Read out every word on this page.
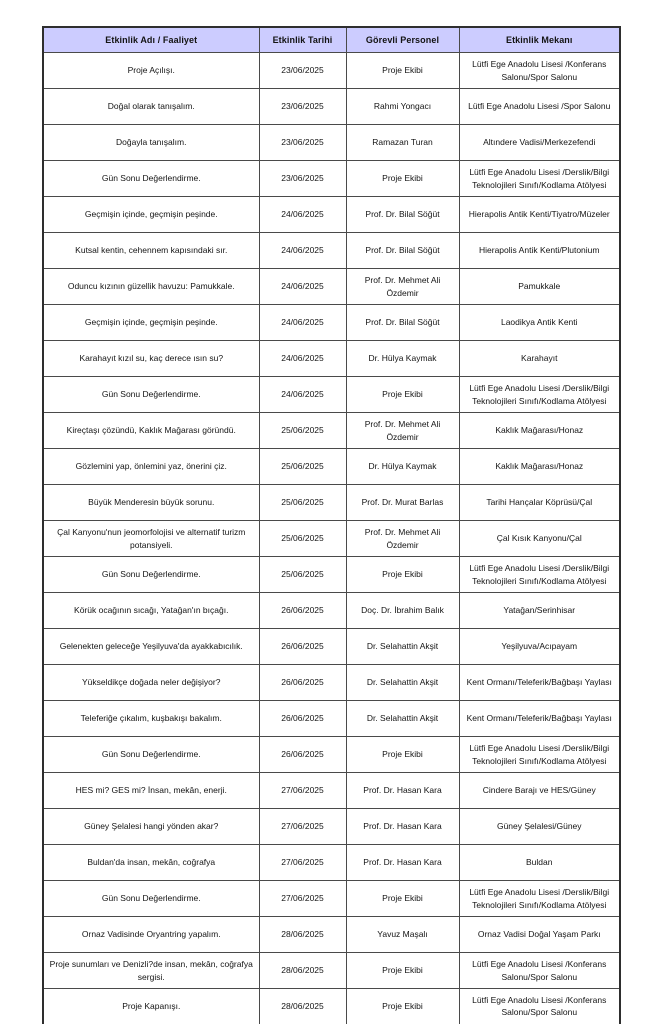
Etkinlik Adı / Faaliyet	Etkinlik Tarihi	Görevli Personel	Etkinlik Mekanı
Proje Açılışı.	23/06/2025	Proje Ekibi	Lütfi Ege Anadolu Lisesi /Konferans Salonu/Spor Salonu
Doğal olarak tanışalım.	23/06/2025	Rahmi Yongacı	Lütfi Ege Anadolu Lisesi /Spor Salonu
Doğayla tanışalım.	23/06/2025	Ramazan Turan	Altındere Vadisi/Merkezefendi
Gün Sonu Değerlendirme.	23/06/2025	Proje Ekibi	Lütfi Ege Anadolu Lisesi /Derslik/Bilgi Teknolojileri Sınıfı/Kodlama Atölyesi
Geçmişin içinde, geçmişin peşinde.	24/06/2025	Prof. Dr. Bilal Söğüt	Hierapolis Antik Kenti/Tiyatro/Müzeler
Kutsal kentin, cehennem kapısındaki sır.	24/06/2025	Prof. Dr. Bilal Söğüt	Hierapolis Antik Kenti/Plutonium
Oduncu kızının güzellik havuzu: Pamukkale.	24/06/2025	Prof. Dr. Mehmet Ali Özdemir	Pamukkale
Geçmişin içinde, geçmişin peşinde.	24/06/2025	Prof. Dr. Bilal Söğüt	Laodikya Antik Kenti
Karahayıt kızıl su, kaç derece ısın su?	24/06/2025	Dr. Hülya Kaymak	Karahayıt
Gün Sonu Değerlendirme.	24/06/2025	Proje Ekibi	Lütfi Ege Anadolu Lisesi /Derslik/Bilgi Teknolojileri Sınıfı/Kodlama Atölyesi
Kireçtaşı çözündü, Kaklık Mağarası göründü.	25/06/2025	Prof. Dr. Mehmet Ali Özdemir	Kaklık Mağarası/Honaz
Gözlemini yap, önlemini yaz, önerini çiz.	25/06/2025	Dr. Hülya Kaymak	Kaklık Mağarası/Honaz
Büyük Menderesin büyük sorunu.	25/06/2025	Prof. Dr. Murat Barlas	Tarihi Hançalar Köprüsü/Çal
Çal Kanyonu'nun jeomorfolojisi ve alternatif turizm potansiyeli.	25/06/2025	Prof. Dr. Mehmet Ali Özdemir	Çal Kısık Kanyonu/Çal
Gün Sonu Değerlendirme.	25/06/2025	Proje Ekibi	Lütfi Ege Anadolu Lisesi /Derslik/Bilgi Teknolojileri Sınıfı/Kodlama Atölyesi
Körük ocağının sıcağı, Yatağan'ın bıçağı.	26/06/2025	Doç. Dr. İbrahim Balık	Yatağan/Serinhisar
Gelenekten geleceğe Yeşilyuva'da ayakkabıcılık.	26/06/2025	Dr. Selahattin Akşit	Yeşilyuva/Acıpayam
Yükseldikçe doğada neler değişiyor?	26/06/2025	Dr. Selahattin Akşit	Kent Ormanı/Teleferik/Bağbaşı Yaylası
Teleferiğe çıkalım, kuşbakışı bakalım.	26/06/2025	Dr. Selahattin Akşit	Kent Ormanı/Teleferik/Bağbaşı Yaylası
Gün Sonu Değerlendirme.	26/06/2025	Proje Ekibi	Lütfi Ege Anadolu Lisesi /Derslik/Bilgi Teknolojileri Sınıfı/Kodlama Atölyesi
HES mi? GES mi? İnsan, mekân, enerji.	27/06/2025	Prof. Dr. Hasan Kara	Cindere Barajı ve HES/Güney
Güney Şelalesi hangi yönden akar?	27/06/2025	Prof. Dr. Hasan Kara	Güney Şelalesi/Güney
Buldan'da insan, mekân, coğrafya	27/06/2025	Prof. Dr. Hasan Kara	Buldan
Gün Sonu Değerlendirme.	27/06/2025	Proje Ekibi	Lütfi Ege Anadolu Lisesi /Derslik/Bilgi Teknolojileri Sınıfı/Kodlama Atölyesi
Ornaz Vadisinde Oryantring yapalım.	28/06/2025	Yavuz Maşalı	Ornaz Vadisi Doğal Yaşam Parkı
Proje sunumları ve Denizli?de insan, mekân, coğrafya sergisi.	28/06/2025	Proje Ekibi	Lütfi Ege Anadolu Lisesi /Konferans Salonu/Spor Salonu
Proje Kapanışı.	28/06/2025	Proje Ekibi	Lütfi Ege Anadolu Lisesi /Konferans Salonu/Spor Salonu
